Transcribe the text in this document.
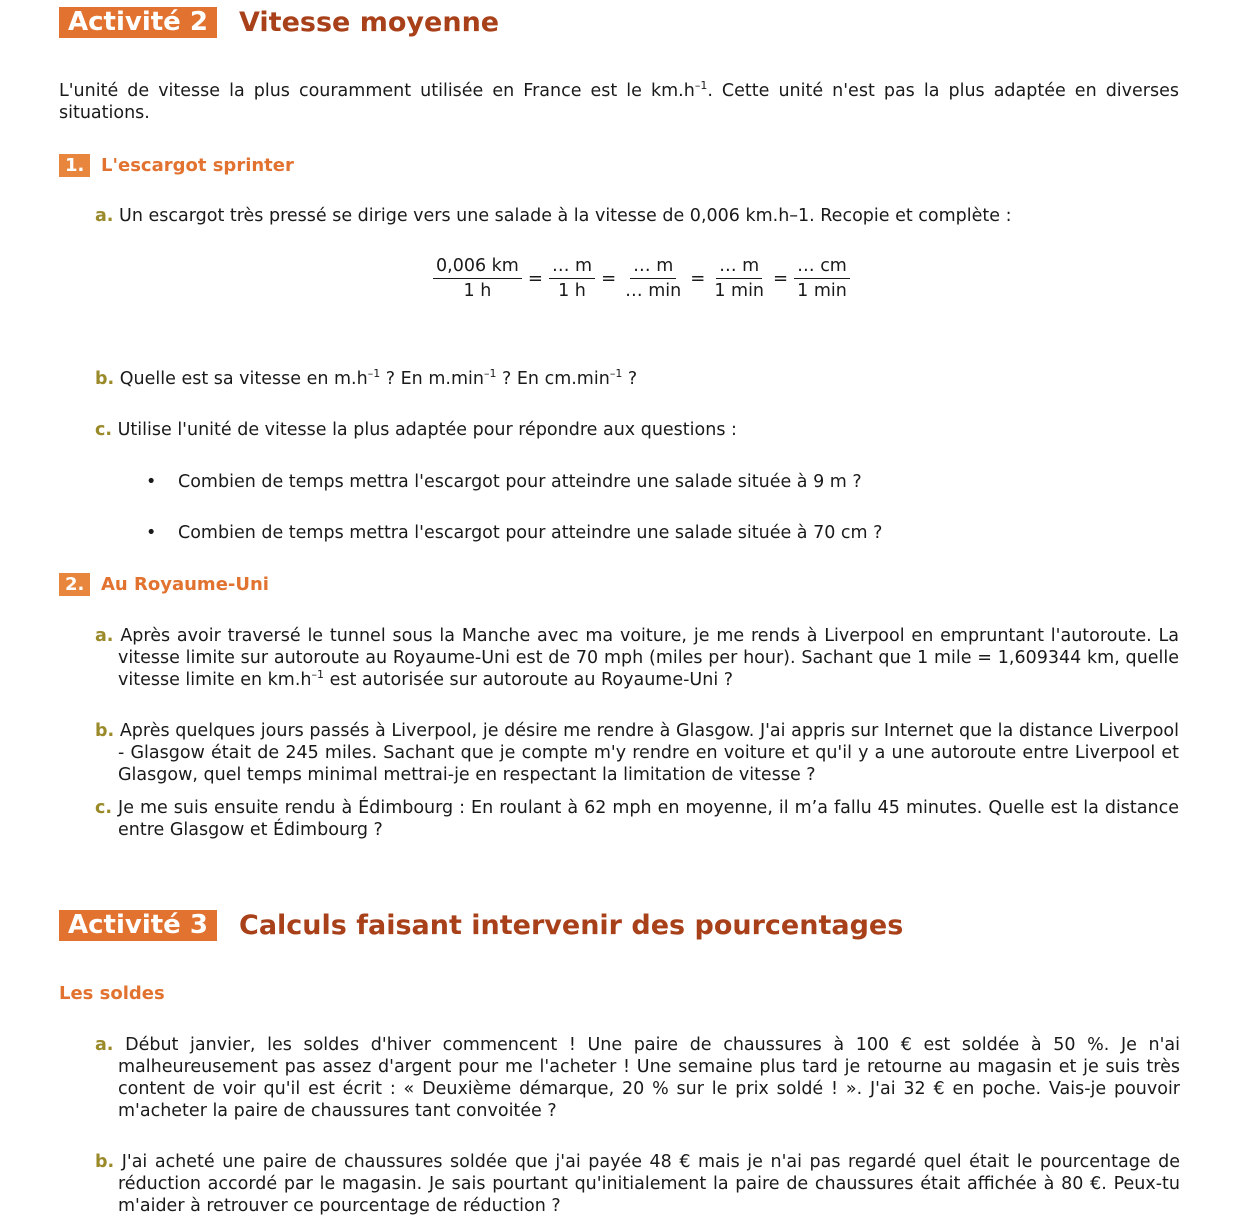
Activité 2	Vitesse moyenne
L'unité de vitesse la plus couramment utilisée en France est le $km.h^{-1}$. Cette unité n'est pas la plus adaptée en diverses situations.
1. L'escargot sprinter
a. Un escargot très pressé se dirige vers une salade à la vitesse de 0,006 km.h–1. Recopie et complète :
$\frac{0,006 km}{1 h} = \frac{\dots m}{1 h} = \frac{\dots m}{\dots \min} = \frac{\dots m}{1 \min} = \frac{\dots cm}{1 \min}$
b. Quelle est sa vitesse en $m.h^{-1}$ ? En $m.\min^{-1}$ ? En $cm.\min^{-1}$ ?
c. Utilise l'unité de vitesse la plus adaptée pour répondre aux questions :
• Combien de temps mettra l'escargot pour atteindre une salade située à 9 m ?
• Combien de temps mettra l'escargot pour atteindre une salade située à 70 cm ?
2. Au Royaume-Uni
a. Après avoir traversé le tunnel sous la Manche avec ma voiture, je me rends à Liverpool en empruntant l'autoroute. La vitesse limite sur autoroute au Royaume-Uni est de 70 mph (miles per hour). Sachant que 1 mile = 1,609344 km, quelle vitesse limite en $km.h^{-1}$ est autorisée sur autoroute au Royaume-Uni ?
b. Après quelques jours passés à Liverpool, je désire me rendre à Glasgow. J'ai appris sur Internet que la distance Liverpool - Glasgow était de 245 miles. Sachant que je compte m'y rendre en voiture et qu'il y a une autoroute entre Liverpool et Glasgow, quel temps minimal mettrai-je en respectant la limitation de vitesse ?
c. Je me suis ensuite rendu à Édimbourg : En roulant à 62 mph en moyenne, il m’a fallu 45 minutes. Quelle est la distance entre Glasgow et Édimbourg ?
Activité 3	Calculs faisant intervenir des pourcentages
Les soldes
a. Début janvier, les soldes d'hiver commencent ! Une paire de chaussures à 100 € est soldée à 50 %. Je n'ai malheureusement pas assez d'argent pour me l'acheter ! Une semaine plus tard je retourne au magasin et je suis très content de voir qu'il est écrit : « Deuxième démarque, 20 % sur le prix soldé ! ». J'ai 32 € en poche. Vais-je pouvoir m'acheter la paire de chaussures tant convoitée ?
b. J'ai acheté une paire de chaussures soldée que j'ai payée 48 € mais je n'ai pas regardé quel était le pourcentage de réduction accordé par le magasin. Je sais pourtant qu'initialement la paire de chaussures était affichée à 80 €. Peux-tu m'aider à retrouver ce pourcentage de réduction ?
